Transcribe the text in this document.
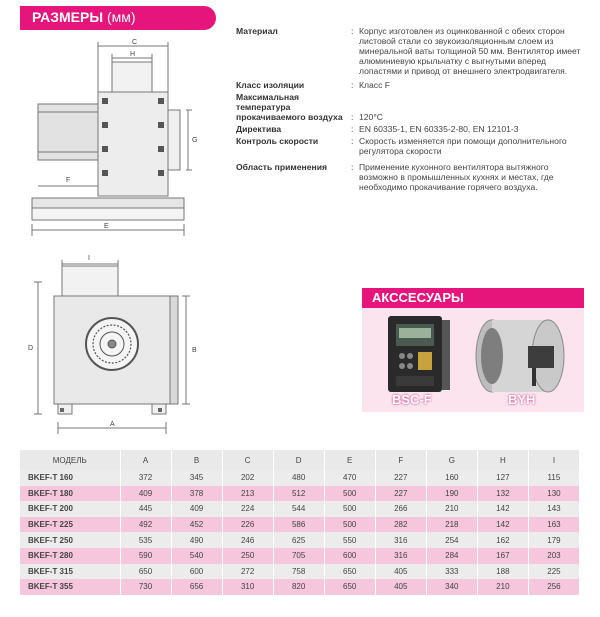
РАЗМЕРЫ (мм)
C
H
G
F
E
I
D	B
A
Материал	: Корпус изготовлен из оцинкованной с обеих сторон листовой стали со звукоизоляционным слоем из минеральной ваты толщиной 50 мм. Вентилятор имеет алюминиевую крыльчатку с выгнутыми вперед лопастями и привод от внешнего электродвигателя.
Класс изоляции	: Класс F
Максимальная температура прокачиваемого воздуха : 120°C
Директива	: EN 60335-1, EN 60335-2-80, EN 12101-3
Контроль скорости	: Скорость изменяется при помощи дополнительного регулятора скорости
Область применения	: Применение кухонного вентилятора вытяжного возможно в промышленных кухнях и местах, где необходимо прокачивание горячего воздуха.
АКССЕСУАРЫ
BSC-F	BYH
МОДЕЛЬ	A	B	C	D	E	F	G	H	I
BKEF-T 160	372	345	202	480	470	227	160	127	115
BKEF-T 180	409	378	213	512	500	227	190	132	130
BKEF-T 200	445	409	224	544	500	266	210	142	143
BKEF-T 225	492	452	226	586	500	282	218	142	163
BKEF-T 250	535	490	246	625	550	316	254	162	179
BKEF-T 280	590	540	250	705	600	316	284	167	203
BKEF-T 315	650	600	272	758	650	405	333	188	225
BKEF-T 355	730	656	310	820	650	405	340	210	256
